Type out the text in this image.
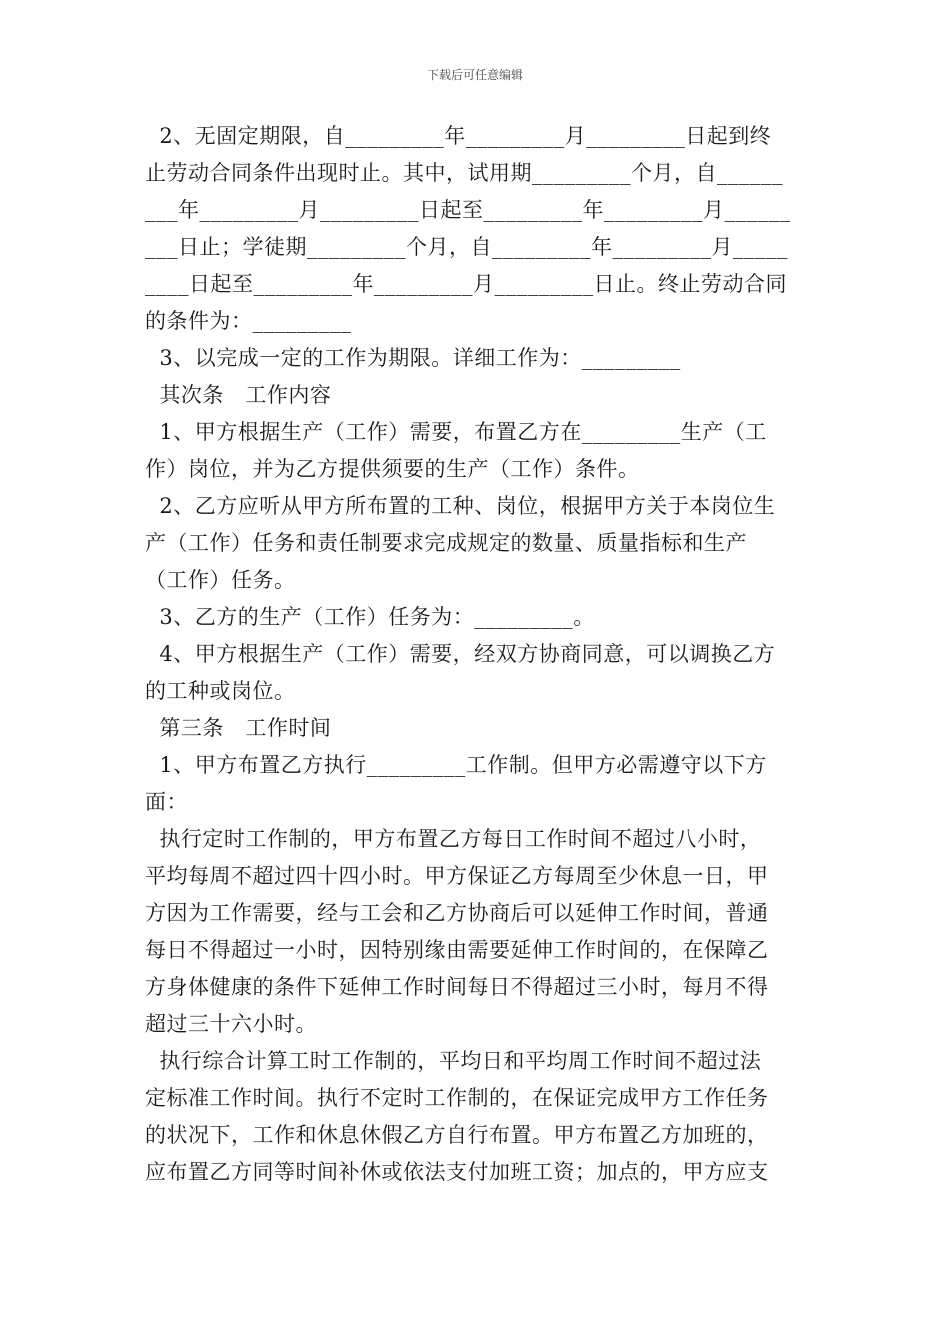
下载后可任意编辑
2、无固定期限，自_________年_________月_________日起到终
止劳动合同条件出现时止。其中，试用期_________个月，自______
___年_________月_________日起至_________年_________月______
___日止；学徒期_________个月，自_________年_________月_____
____日起至_________年_________月_________日止。终止劳动合同
的条件为：_________
3、以完成一定的工作为期限。详细工作为：_________
其次条　工作内容
1、甲方根据生产（工作）需要，布置乙方在_________生产（工
作）岗位，并为乙方提供须要的生产（工作）条件。
2、乙方应听从甲方所布置的工种、岗位，根据甲方关于本岗位生
产（工作）任务和责任制要求完成规定的数量、质量指标和生产
（工作）任务。
3、乙方的生产（工作）任务为：_________。
4、甲方根据生产（工作）需要，经双方协商同意，可以调换乙方
的工种或岗位。
第三条　工作时间
1、甲方布置乙方执行_________工作制。但甲方必需遵守以下方
面：
执行定时工作制的，甲方布置乙方每日工作时间不超过八小时，
平均每周不超过四十四小时。甲方保证乙方每周至少休息一日，甲
方因为工作需要，经与工会和乙方协商后可以延伸工作时间，普通
每日不得超过一小时，因特别缘由需要延伸工作时间的，在保障乙
方身体健康的条件下延伸工作时间每日不得超过三小时，每月不得
超过三十六小时。
执行综合计算工时工作制的，平均日和平均周工作时间不超过法
定标准工作时间。执行不定时工作制的，在保证完成甲方工作任务
的状况下，工作和休息休假乙方自行布置。甲方布置乙方加班的，
应布置乙方同等时间补休或依法支付加班工资；加点的，甲方应支
